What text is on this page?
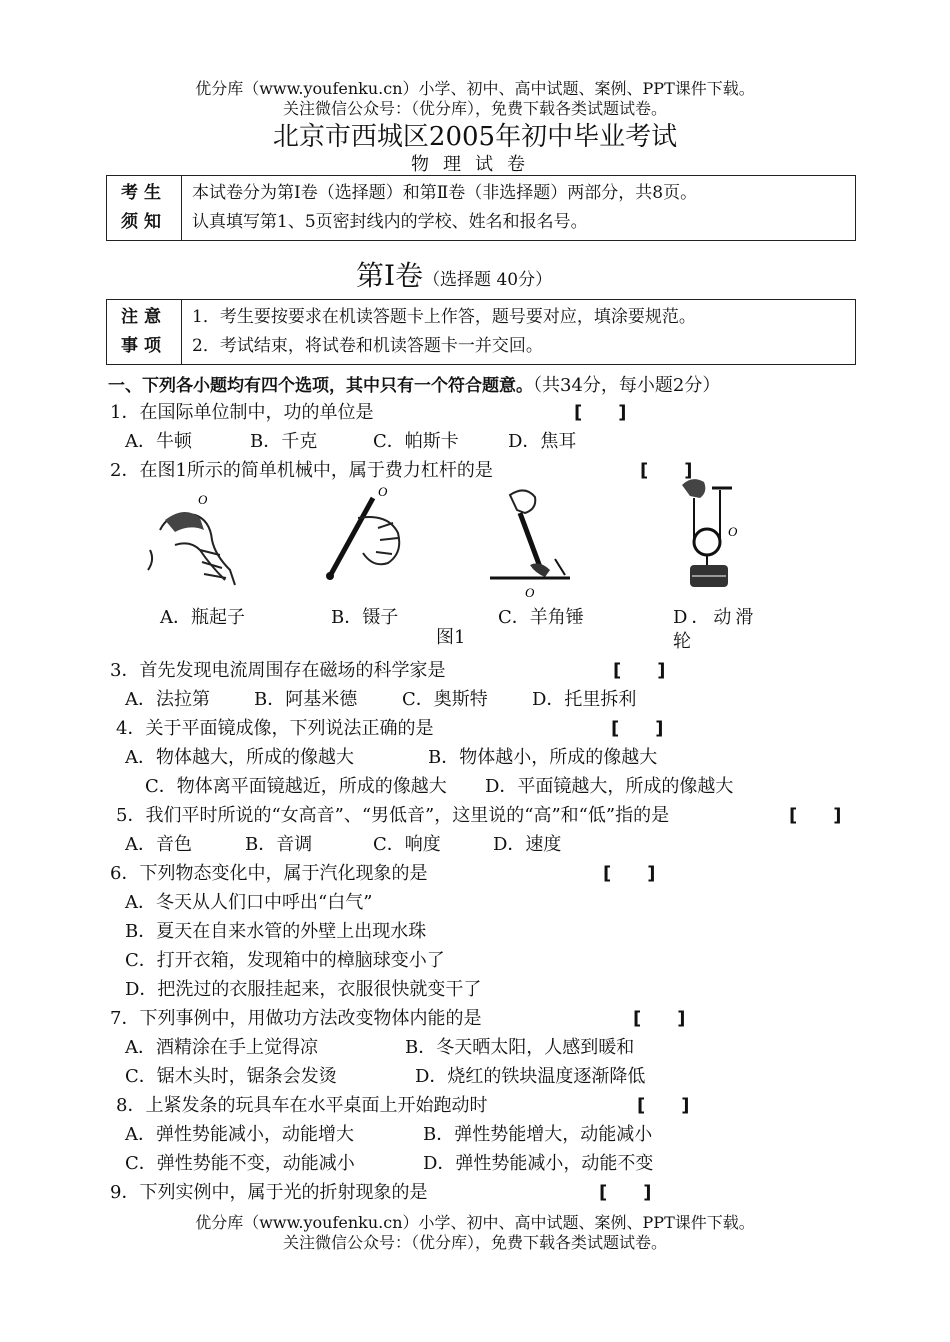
优分库（www.youfenku.cn）小学、初中、高中试题、案例、PPT课件下载。
关注微信公众号：（优分库），免费下载各类试题试卷。
北京市西城区2005年初中毕业考试
物理试卷
考生
须知

本试卷分为第Ⅰ卷（选择题）和第Ⅱ卷（非选择题）两部分，共8页。
认真填写第1、5页密封线内的学校、姓名和报名号。
第Ⅰ卷（选择题 40分）
注意
事项

1．考生要按要求在机读答题卡上作答，题号要对应，填涂要规范。
2．考试结束，将试卷和机读答题卡一并交回。
一、下列各小题均有四个选项，其中只有一个符合题意。（共34分，每小题2分）
1．在国际单位制中，功的单位是	[　　]
A．牛顿	B．千克	C．帕斯卡	D．焦耳
2．在图1所示的简单机械中，属于费力杠杆的是	[　　]
O
O
O
O
A．瓶起子	B．镊子	C．羊角锤	D．动滑
轮
图1
3．首先发现电流周围存在磁场的科学家是	[　　]
A．法拉第 B．阿基米德 C．奥斯特 D．托里拆利
4．关于平面镜成像，下列说法正确的是	[　　]
A．物体越大，所成的像越大	B．物体越小，所成的像越大
C．物体离平面镜越近，所成的像越大 D．平面镜越大，所成的像越大
5．我们平时所说的“女高音”、“男低音”，这里说的“高”和“低”指的是	[　　]
A．音色	B．音调	C．响度	D．速度
6．下列物态变化中，属于汽化现象的是	[　　]
A．冬天从人们口中呼出“白气”
B．夏天在自来水管的外壁上出现水珠
C．打开衣箱，发现箱中的樟脑球变小了
D．把洗过的衣服挂起来，衣服很快就变干了
7．下列事例中，用做功方法改变物体内能的是	[　　]
A．酒精涂在手上觉得凉	B．冬天晒太阳，人感到暖和
C．锯木头时，锯条会发烫	D．烧红的铁块温度逐渐降低
8．上紧发条的玩具车在水平桌面上开始跑动时	[　　]
A．弹性势能减小，动能增大	B．弹性势能增大，动能减小
C．弹性势能不变，动能减小	D．弹性势能减小，动能不变
9．下列实例中，属于光的折射现象的是	[　　]
优分库（www.youfenku.cn）小学、初中、高中试题、案例、PPT课件下载。
关注微信公众号：（优分库），免费下载各类试题试卷。
